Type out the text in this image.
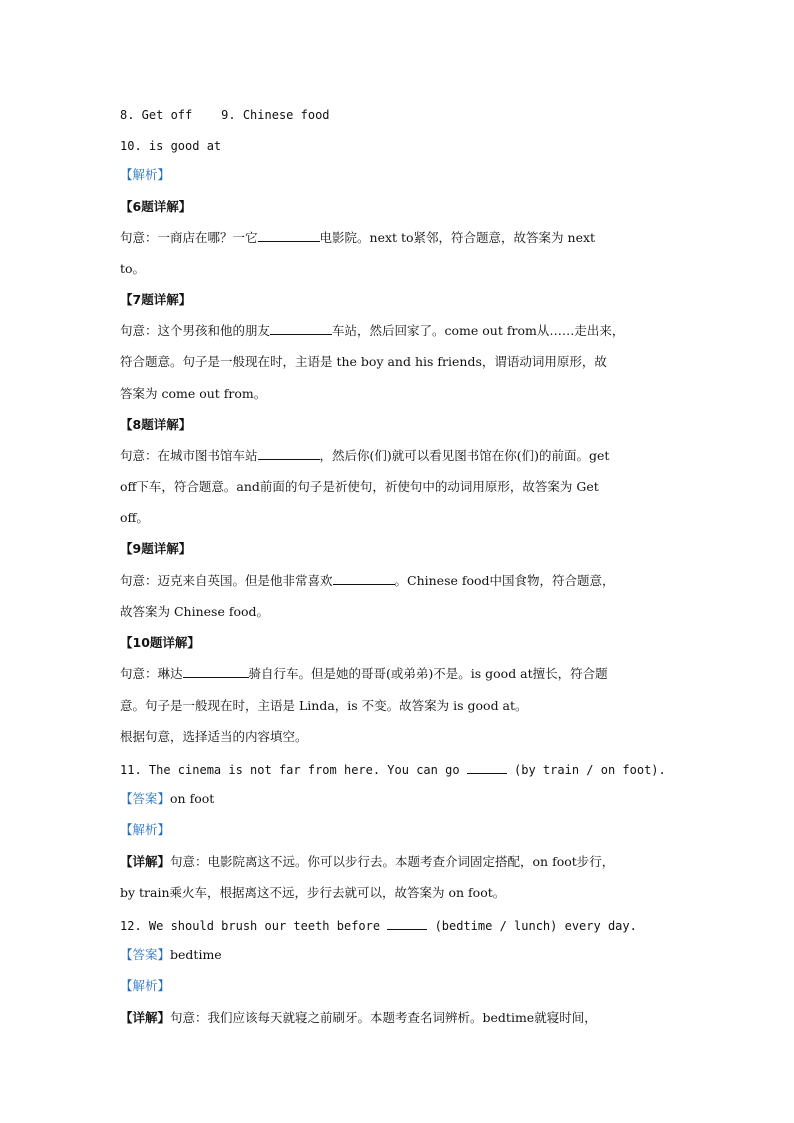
8. Get off    9. Chinese food
10. is good at
【解析】
【6题详解】
句意：一商店在哪？一它	电影院。next to紧邻，符合题意，故答案为 next
to。
【7题详解】
句意：这个男孩和他的朋友	车站，然后回家了。come out from从……走出来，
符合题意。句子是一般现在时，主语是 the boy and his friends，谓语动词用原形，故
答案为 come out from。
【8题详解】
句意：在城市图书馆车站	，然后你(们)就可以看见图书馆在你(们)的前面。get
off下车，符合题意。and前面的句子是祈使句，祈使句中的动词用原形，故答案为 Get
off。
【9题详解】
句意：迈克来自英国。但是他非常喜欢	。Chinese food中国食物，符合题意，
故答案为 Chinese food。
【10题详解】
句意：琳达	骑自行车。但是她的哥哥(或弟弟)不是。is good at擅长，符合题
意。句子是一般现在时，主语是 Linda，is 不变。故答案为 is good at。
根据句意，选择适当的内容填空。
11. The cinema is not far from here. You can go	(by train / on foot).
【答案】on foot
【解析】
【详解】句意：电影院离这不远。你可以步行去。本题考查介词固定搭配，on foot步行，
by train乘火车，根据离这不远，步行去就可以，故答案为 on foot。
12. We should brush our teeth before	(bedtime / lunch) every day.
【答案】bedtime
【解析】
【详解】句意：我们应该每天就寝之前刷牙。本题考查名词辨析。bedtime就寝时间，
